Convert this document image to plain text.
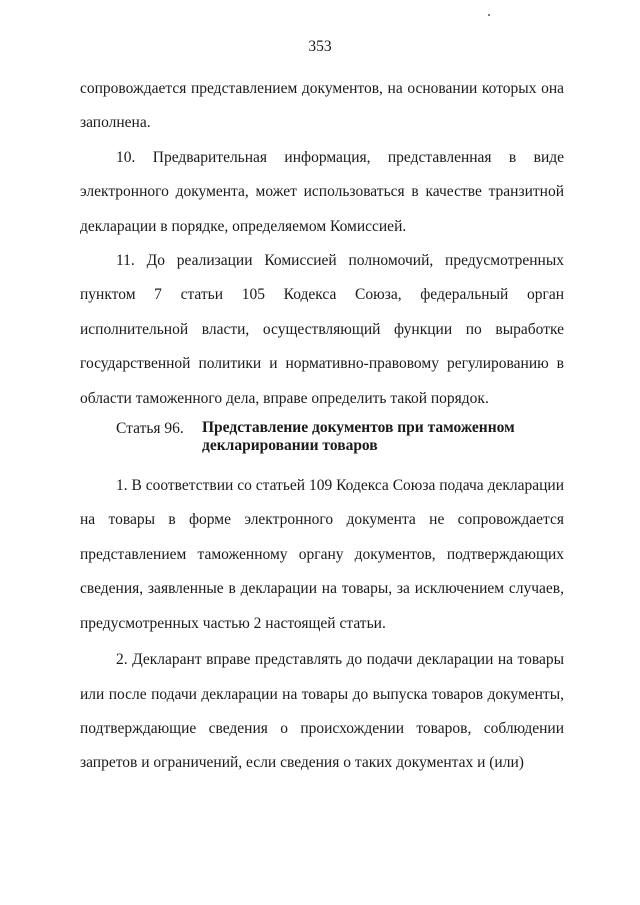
353

сопровождается представлением документов, на основании которых она заполнена.

10. Предварительная информация, представленная в виде электронного документа, может использоваться в качестве транзитной декларации в порядке, определяемом Комиссией.

11. До реализации Комиссией полномочий, предусмотренных пунктом 7 статьи 105 Кодекса Союза, федеральный орган исполнительной власти, осуществляющий функции по выработке государственной политики и нормативно-правовому регулированию в области таможенного дела, вправе определить такой порядок.

Статья 96.	Представление документов при таможенном декларировании товаров

1. В соответствии со статьей 109 Кодекса Союза подача декларации на товары в форме электронного документа не сопровождается представлением таможенному органу документов, подтверждающих сведения, заявленные в декларации на товары, за исключением случаев, предусмотренных частью 2 настоящей статьи.

2. Декларант вправе представлять до подачи декларации на товары или после подачи декларации на товары до выпуска товаров документы, подтверждающие сведения о происхождении товаров, соблюдении запретов и ограничений, если сведения о таких документах и (или)
